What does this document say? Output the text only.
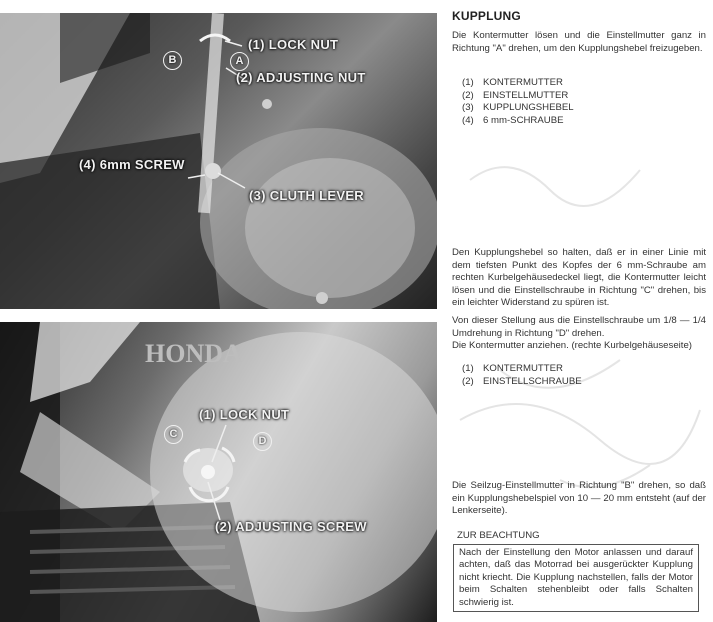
B	A
(1) LOCK NUT
(2) ADJUSTING NUT
(4) 6mm SCREW
(3) CLUTH LEVER
HONDA
C
D
(1) LOCK NUT
(2) ADJUSTING SCREW
KUPPLUNG

Die Kontermutter lösen und die Einstellmutter ganz in Richtung "A" drehen, um den Kupplungshebel freizugeben.

(1) KONTERMUTTER
(2) EINSTELLMUTTER
(3) KUPPLUNGSHEBEL
(4) 6 mm-SCHRAUBE

Den Kupplungshebel so halten, daß er in einer Linie mit dem tiefsten Punkt des Kopfes der 6 mm-Schraube am rechten Kurbelgehäusedeckel liegt, die Kontermutter leicht lösen und die Einstellschraube in Richtung "C" drehen, bis ein leichter Widerstand zu spüren ist.

Von dieser Stellung aus die Einstellschraube um 1/8 — 1/4 Umdrehung in Richtung "D" drehen.

Die Kontermutter anziehen. (rechte Kurbelgehäuseseite)

(1) KONTERMUTTER
(2) EINSTELLSCHRAUBE

Die Seilzug-Einstellmutter in Richtung "B" drehen, so daß ein Kupplungshebelspiel von 10 — 20 mm entsteht (auf der Lenkerseite).

ZUR BEACHTUNG
Nach der Einstellung den Motor anlassen und darauf achten, daß das Motorrad bei ausgerückter Kupplung nicht kriecht. Die Kupplung nachstellen, falls der Motor beim Schalten stehenbleibt oder falls Schalten schwierig ist.
